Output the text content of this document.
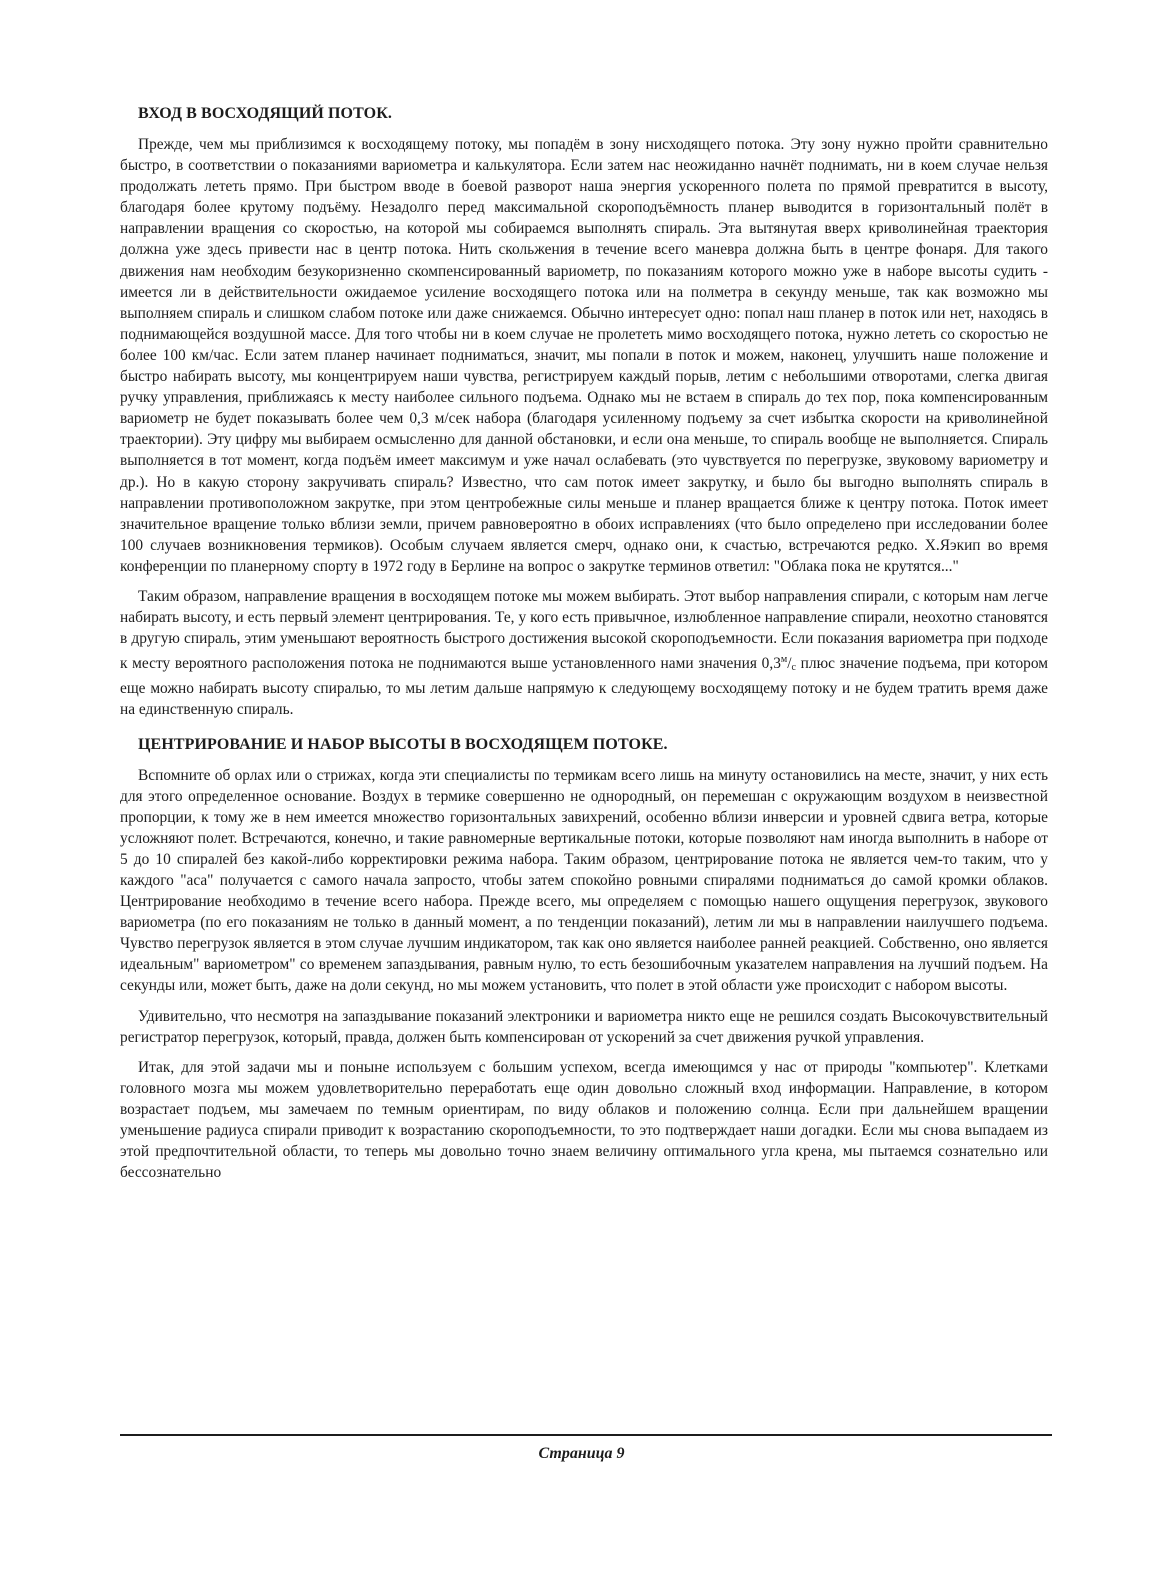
ВХОД В ВОСХОДЯЩИЙ ПОТОК.

Прежде, чем мы приблизимся к восходящему потоку, мы попадём в зону нисходящего потока. Эту зону нужно пройти сравнительно быстро, в соответствии о показаниями вариометра и калькулятора. Если затем нас неожиданно начнёт поднимать, ни в коем случае нельзя продолжать лететь прямо. При быстром вводе в боевой разворот наша энергия ускоренного полета по прямой превратится в высоту, благодаря более крутому подъёму. Незадолго перед максимальной скороподъёмность планер выводится в горизонтальный полёт в направлении вращения со скоростью, на которой мы собираемся выполнять спираль. Эта вытянутая вверх криволинейная траектория должна уже здесь привести нас в центр потока. Нить скольжения в течение всего маневра должна быть в центре фонаря. Для такого движения нам необходим безукоризненно скомпенсированный вариометр, по показаниям которого можно уже в наборе высоты судить - имеется ли в действительности ожидаемое усиление восходящего потока или на полметра в секунду меньше, так как возможно мы выполняем спираль и слишком слабом потоке или даже снижаемся. Обычно интересует одно: попал наш планер в поток или нет, находясь в поднимающейся воздушной массе. Для того чтобы ни в коем случае не пролететь мимо восходящего потока, нужно лететь со скоростью не более 100 км/час. Если затем планер начинает подниматься, значит, мы попали в поток и можем, наконец, улучшить наше положение и быстро набирать высоту, мы концентрируем наши чувства, регистрируем каждый порыв, летим с небольшими отворотами, слегка двигая ручку управления, приближаясь к месту наиболее сильного подъема. Однако мы не встаем в спираль до тех пор, пока компенсированным вариометр не будет показывать более чем 0,3 м/сек набора (благодаря усиленному подъему за счет избытка скорости на криволинейной траектории). Эту цифру мы выбираем осмысленно для данной обстановки, и если она меньше, то спираль вообще не выполняется. Спираль выполняется в тот момент, когда подъём имеет максимум и уже начал ослабевать (это чувствуется по перегрузке, звуковому вариометру и др.). Но в какую сторону закручивать спираль? Известно, что сам поток имеет закрутку, и было бы выгодно выполнять спираль в направлении противоположном закрутке, при этом центробежные силы меньше и планер вращается ближе к центру потока. Поток имеет значительное вращение только вблизи земли, причем равновероятно в обоих исправлениях (что было определено при исследовании более 100 случаев возникновения термиков). Особым случаем является смерч, однако они, к счастью, встречаются редко. Х.Яэкип во время конференции по планерному спорту в 1972 году в Берлине на вопрос о закрутке терминов ответил: "Облака пока не крутятся..."

Таким образом, направление вращения в восходящем потоке мы можем выбирать. Этот выбор направления спирали, с которым нам легче набирать высоту, и есть первый элемент центрирования. Те, у кого есть привычное, излюбленное направление спирали, неохотно становятся в другую спираль, этим уменьшают вероятность быстрого достижения высокой скороподъемности. Если показания вариометра при подходе к месту вероятного расположения потока не поднимаются выше установленного нами значения $0,3^м/_с$ плюс значение подъема, при котором еще можно набирать высоту спиралью, то мы летим дальше напрямую к следующему восходящему потоку и не будем тратить время даже на единственную спираль.

ЦЕНТРИРОВАНИЕ И НАБОР ВЫСОТЫ В ВОСХОДЯЩЕМ ПОТОКЕ.

Вспомните об орлах или о стрижах, когда эти специалисты по термикам всего лишь на минуту остановились на месте, значит, у них есть для этого определенное основание. Воздух в термике совершенно не однородный, он перемешан с окружающим воздухом в неизвестной пропорции, к тому же в нем имеется множество горизонтальных завихрений, особенно вблизи инверсии и уровней сдвига ветра, которые усложняют полет. Встречаются, конечно, и такие равномерные вертикальные потоки, которые позволяют нам иногда выполнить в наборе от 5 до 10 спиралей без какой-либо корректировки режима набора. Таким образом, центрирование потока не является чем-то таким, что у каждого "аса" получается с самого начала запросто, чтобы затем спокойно ровными спиралями подниматься до самой кромки облаков. Центрирование необходимо в течение всего набора. Прежде всего, мы определяем с помощью нашего ощущения перегрузок, звукового вариометра (по его показаниям не только в данный момент, а по тенденции показаний), летим ли мы в направлении наилучшего подъема. Чувство перегрузок является в этом случае лучшим индикатором, так как оно является наиболее ранней реакцией. Собственно, оно является идеальным" вариометром" со временем запаздывания, равным нулю, то есть безошибочным указателем направления на лучший подъем. На секунды или, может быть, даже на доли секунд, но мы можем установить, что полет в этой области уже происходит с набором высоты.

Удивительно, что несмотря на запаздывание показаний электроники и вариометра никто еще не решился создать Высокочувствительный регистратор перегрузок, который, правда, должен быть компенсирован от ускорений за счет движения ручкой управления.

Итак, для этой задачи мы и поныне используем с большим успехом, всегда имеющимся у нас от природы "компьютер". Клетками головного мозга мы можем удовлетворительно переработать еще один довольно сложный вход информации. Направление, в котором возрастает подъем, мы замечаем по темным ориентирам, по виду облаков и положению солнца. Если при дальнейшем вращении уменьшение радиуса спирали приводит к возрастанию скороподъемности, то это подтверждает наши догадки. Если мы снова выпадаем из этой предпочтительной области, то теперь мы довольно точно знаем величину оптимального угла крена, мы пытаемся сознательно или бессознательно

Страница 9
